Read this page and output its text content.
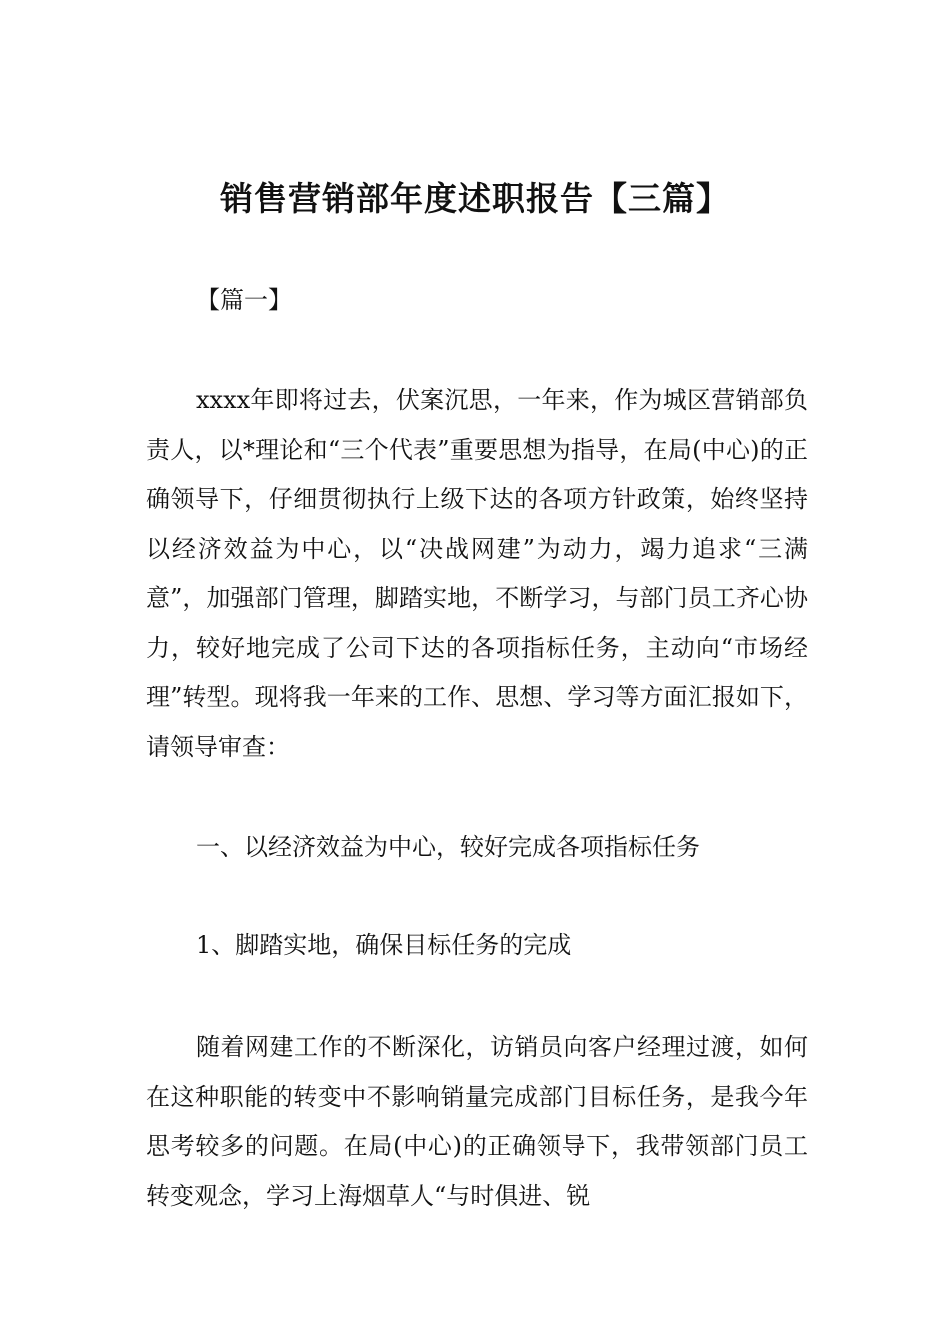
销售营销部年度述职报告【三篇】
【篇一】

xxxx年即将过去，伏案沉思，一年来，作为城区营销部负责人，以*理论和“三个代表”重要思想为指导，在局(中心)的正确领导下，仔细贯彻执行上级下达的各项方针政策，始终坚持以经济效益为中心，以“决战网建”为动力，竭力追求“三满意”，加强部门管理，脚踏实地，不断学习，与部门员工齐心协力，较好地完成了公司下达的各项指标任务，主动向“市场经理”转型。现将我一年来的工作、思想、学习等方面汇报如下，请领导审查：

一、以经济效益为中心，较好完成各项指标任务

1、脚踏实地，确保目标任务的完成

随着网建工作的不断深化，访销员向客户经理过渡，如何在这种职能的转变中不影响销量完成部门目标任务，是我今年思考较多的问题。在局(中心)的正确领导下，我带领部门员工转变观念，学习上海烟草人“与时俱进、锐
